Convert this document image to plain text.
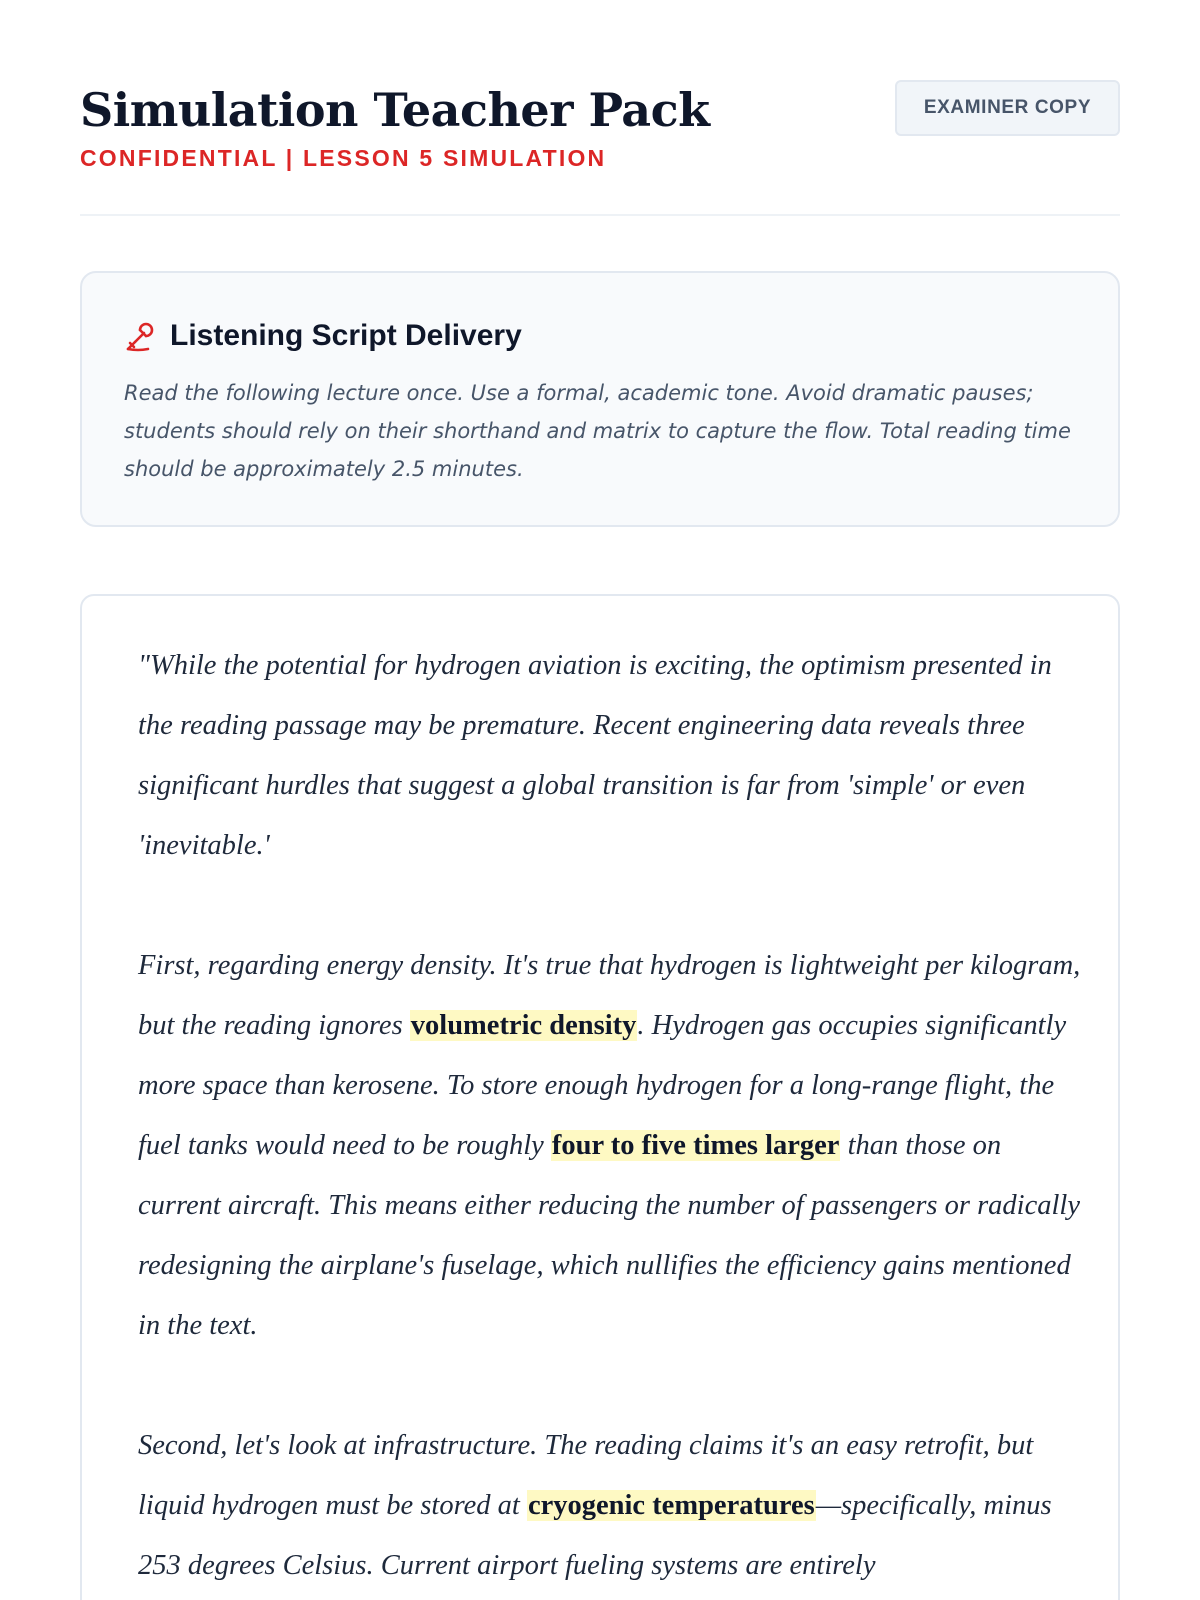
Simulation Teacher Pack
CONFIDENTIAL | LESSON 5 SIMULATION
EXAMINER COPY
Listening Script Delivery

Read the following lecture once. Use a formal, academic tone. Avoid dramatic pauses; students should rely on their shorthand and matrix to capture the flow. Total reading time should be approximately 2.5 minutes.

"While the potential for hydrogen aviation is exciting, the optimism presented in the reading passage may be premature. Recent engineering data reveals three significant hurdles that suggest a global transition is far from 'simple' or even 'inevitable.'

First, regarding energy density. It's true that hydrogen is lightweight per kilogram, but the reading ignores volumetric density. Hydrogen gas occupies significantly more space than kerosene. To store enough hydrogen for a long-range flight, the fuel tanks would need to be roughly four to five times larger than those on current aircraft. This means either reducing the number of passengers or radically redesigning the airplane's fuselage, which nullifies the efficiency gains mentioned in the text.

Second, let's look at infrastructure. The reading claims it's an easy retrofit, but liquid hydrogen must be stored at cryogenic temperatures—specifically, minus 253 degrees Celsius. Current airport fueling systems are entirely
